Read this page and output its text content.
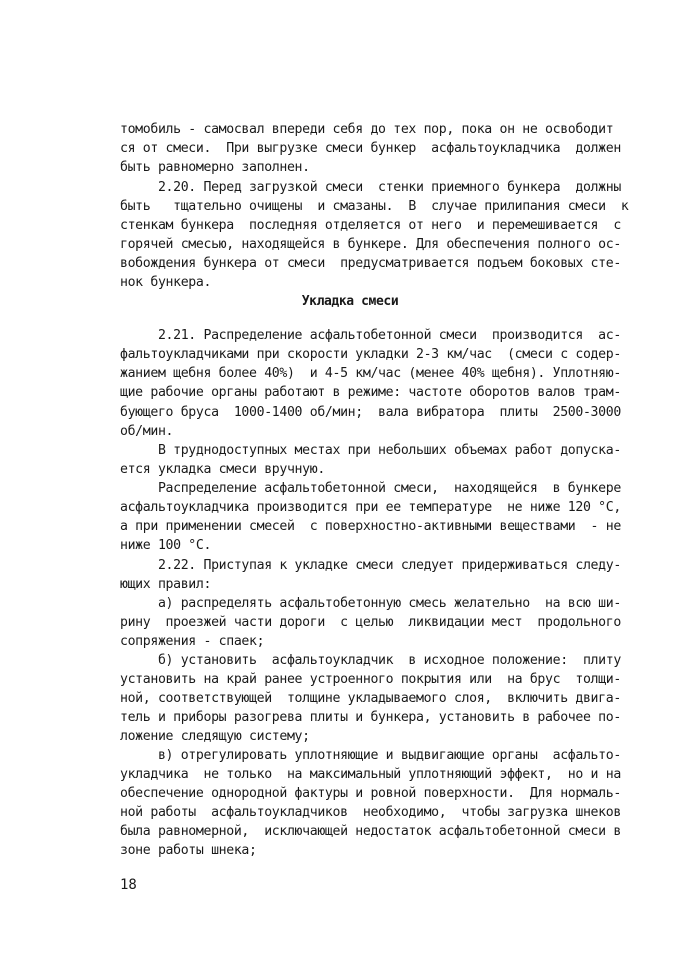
томобиль - самосвал впереди себя до тех пор, пока он не освободит
ся от смеси.  При выгрузке смеси бункер  асфальтоукладчика  должен
быть равномерно заполнен.
2.20. Перед загрузкой смеси  стенки приемного бункера  должны
быть   тщательно очищены  и смазаны.  В  случае прилипания смеси  к
стенкам бункера  последняя отделяется от него  и перемешивается  с
горячей смесью, находящейся в бункере. Для обеспечения полного ос-
вобождения бункера от смеси  предусматривается подъем боковых сте-
нок бункера.
Укладка смеси
2.21. Распределение асфальтобетонной смеси  производится  ас-
фальтоукладчиками при скорости укладки 2-3 км/час  (смеси с содер-
жанием щебня более 40%)  и 4-5 км/час (менее 40% щебня). Уплотняю-
щие рабочие органы работают в режиме: частоте оборотов валов трам-
бующего бруса  1000-1400 об/мин;  вала вибратора  плиты  2500-3000
об/мин.
В труднодоступных местах при небольших объемах работ допуска-
ется укладка смеси вручную.
Распределение асфальтобетонной смеси,  находящейся  в бункере
асфальтоукладчика производится при ее температуре  не ниже 120 °С,
а при применении смесей  с поверхностно-активными веществами  - не
ниже 100 °С.
2.22. Приступая к укладке смеси следует придерживаться следу-
ющих правил:
а) распределять асфальтобетонную смесь желательно  на всю ши-
рину  проезжей части дороги  с целью  ликвидации мест  продольного
сопряжения - спаек;
б) установить  асфальтоукладчик  в исходное положение:  плиту
установить на край ранее устроенного покрытия или  на брус  толщи-
ной, соответствующей  толщине укладываемого слоя,  включить двига-
тель и приборы разогрева плиты и бункера, установить в рабочее по-
ложение следящую систему;
в) отрегулировать уплотняющие и выдвигающие органы  асфальто-
укладчика  не только  на максимальный уплотняющий эффект,  но и на
обеспечение однородной фактуры и ровной поверхности.  Для нормаль-
ной работы  асфальтоукладчиков  необходимо,  чтобы загрузка шнеков
была равномерной,  исключающей недостаток асфальтобетонной смеси в
зоне работы шнека;
18
